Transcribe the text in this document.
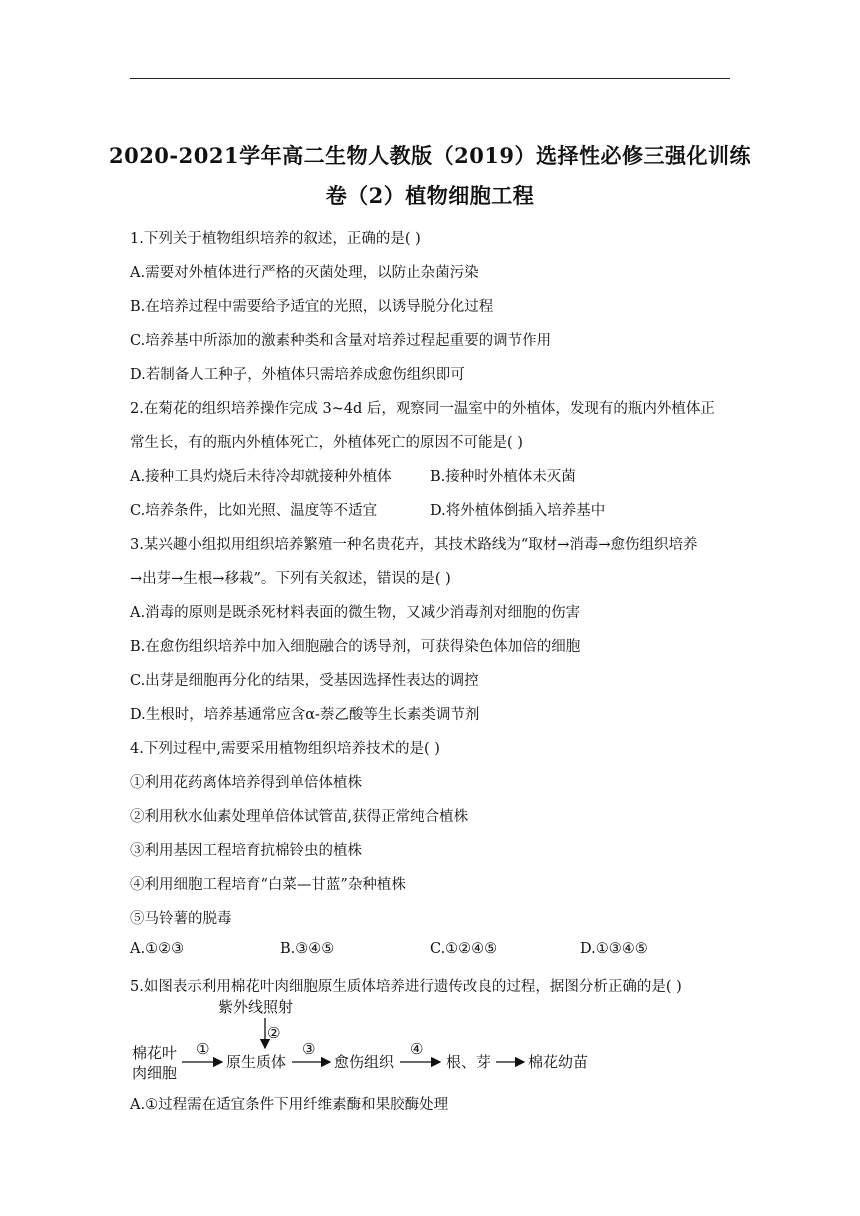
2020-2021学年高二生物人教版（2019）选择性必修三强化训练
卷（2）植物细胞工程
1.下列关于植物组织培养的叙述，正确的是( )
A.需要对外植体进行严格的灭菌处理，以防止杂菌污染
B.在培养过程中需要给予适宜的光照，以诱导脱分化过程
C.培养基中所添加的激素种类和含量对培养过程起重要的调节作用
D.若制备人工种子，外植体只需培养成愈伤组织即可
2.在菊花的组织培养操作完成 3~4d 后，观察同一温室中的外植体，发现有的瓶内外植体正
常生长，有的瓶内外植体死亡，外植体死亡的原因不可能是( )
A.接种工具灼烧后未待冷却就接种外植体	B.接种时外植体未灭菌
C.培养条件，比如光照、温度等不适宜	D.将外植体倒插入培养基中
3.某兴趣小组拟用组织培养繁殖一种名贵花卉，其技术路线为“取材→消毒→愈伤组织培养
→出芽→生根→移栽”。下列有关叙述，错误的是( )
A.消毒的原则是既杀死材料表面的微生物，又减少消毒剂对细胞的伤害
B.在愈伤组织培养中加入细胞融合的诱导剂，可获得染色体加倍的细胞
C.出芽是细胞再分化的结果，受基因选择性表达的调控
D.生根时，培养基通常应含α-萘乙酸等生长素类调节剂
4.下列过程中,需要采用植物组织培养技术的是( )
①利用花药离体培养得到单倍体植株
②利用秋水仙素处理单倍体试管苗,获得正常纯合植株
③利用基因工程培育抗棉铃虫的植株
④利用细胞工程培育“白菜—甘蓝”杂种植株
⑤马铃薯的脱毒
A.①②③	B.③④⑤	C.①②④⑤	D.①③④⑤
5.如图表示利用棉花叶肉细胞原生质体培养进行遗传改良的过程，据图分析正确的是( )
紫外线照射
②
棉花叶
肉细胞
①
原生质体
③
愈伤组织
④
根、芽 棉花幼苗
A.①过程需在适宜条件下用纤维素酶和果胶酶处理
